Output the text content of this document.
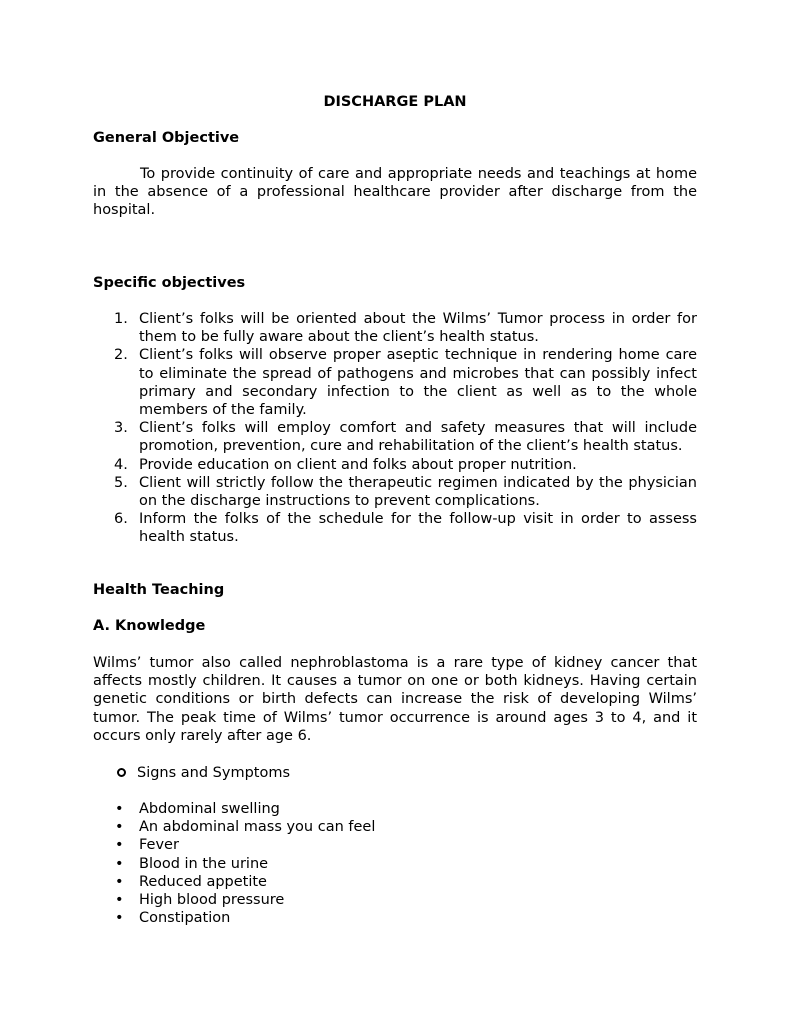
DISCHARGE PLAN

General Objective

To provide continuity of care and appropriate needs and teachings at home in the absence of a professional healthcare provider after discharge from the hospital.

Specific objectives

1. Client’s folks will be oriented about the Wilms’ Tumor process in order for them to be fully aware about the client’s health status.
2. Client’s folks will observe proper aseptic technique in rendering home care to eliminate the spread of pathogens and microbes that can possibly infect primary and secondary infection to the client as well as to the whole members of the family.
3. Client’s folks will employ comfort and safety measures that will include promotion, prevention, cure and rehabilitation of the client’s health status.
4. Provide education on client and folks about proper nutrition.
5. Client will strictly follow the therapeutic regimen indicated by the physician on the discharge instructions to prevent complications.
6. Inform the folks of the schedule for the follow-up visit in order to assess health status.

Health Teaching

A. Knowledge

Wilms’ tumor also called nephroblastoma is a rare type of kidney cancer that affects mostly children. It causes a tumor on one or both kidneys. Having certain genetic conditions or birth defects can increase the risk of developing Wilms’ tumor. The peak time of Wilms’ tumor occurrence is around ages 3 to 4, and it occurs only rarely after age 6.

Signs and Symptoms

• Abdominal swelling
• An abdominal mass you can feel
• Fever
• Blood in the urine
• Reduced appetite
• High blood pressure
• Constipation
